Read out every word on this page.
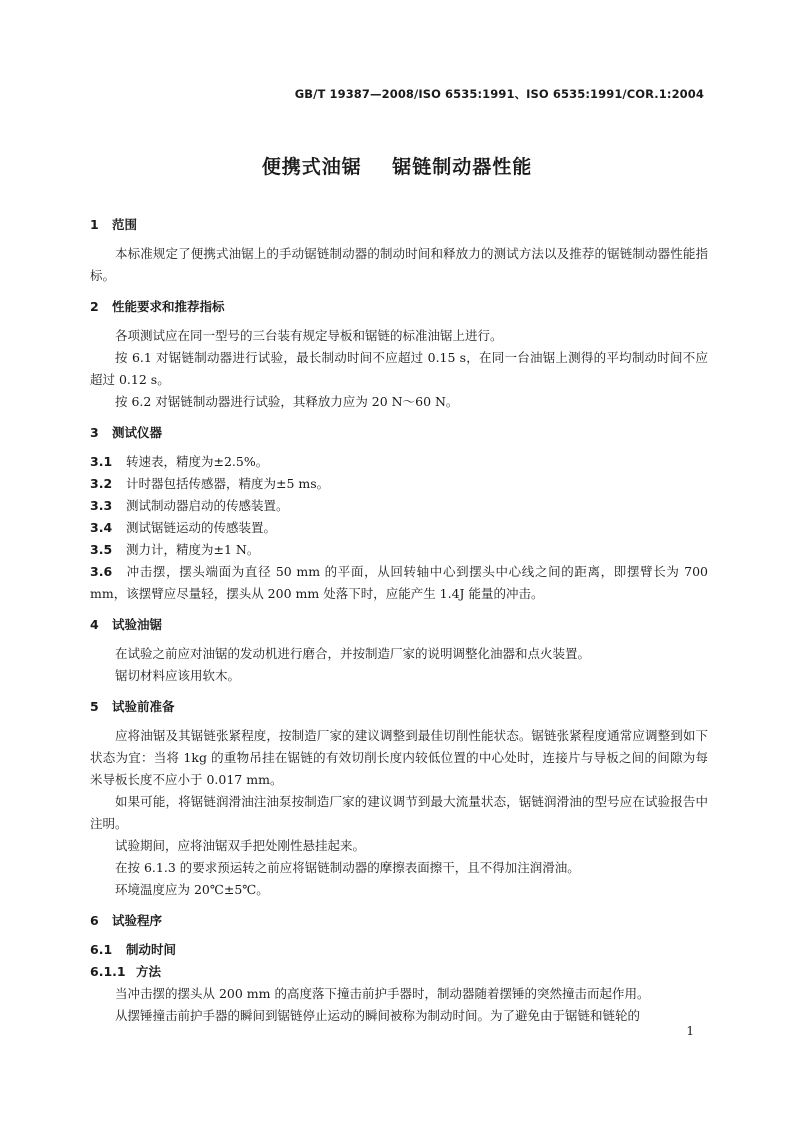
GB/T 19387—2008/ISO 6535:1991、ISO 6535:1991/COR.1:2004
便携式油锯    锯链制动器性能
1 范围

本标准规定了便携式油锯上的手动锯链制动器的制动时间和释放力的测试方法以及推荐的锯链制动器性能指标。

2 性能要求和推荐指标

各项测试应在同一型号的三台装有规定导板和锯链的标准油锯上进行。

按 6.1 对锯链制动器进行试验，最长制动时间不应超过 0.15 s，在同一台油锯上测得的平均制动时间不应超过 0.12 s。

按 6.2 对锯链制动器进行试验，其释放力应为 20 N～60 N。

3 测试仪器

3.1 转速表，精度为±2.5%。

3.2 计时器包括传感器，精度为±5 ms。

3.3 测试制动器启动的传感装置。

3.4 测试锯链运动的传感装置。

3.5 测力计，精度为±1 N。

3.6 冲击摆，摆头端面为直径 50 mm 的平面，从回转轴中心到摆头中心线之间的距离，即摆臂长为 700 mm，该摆臂应尽量轻，摆头从 200 mm 处落下时，应能产生 1.4J 能量的冲击。

4 试验油锯

在试验之前应对油锯的发动机进行磨合，并按制造厂家的说明调整化油器和点火装置。

锯切材料应该用软木。

5 试验前准备

应将油锯及其锯链张紧程度，按制造厂家的建议调整到最佳切削性能状态。锯链张紧程度通常应调整到如下状态为宜：当将 1kg 的重物吊挂在锯链的有效切削长度内较低位置的中心处时，连接片与导板之间的间隙为每米导板长度不应小于 0.017 mm。

如果可能，将锯链润滑油注油泵按制造厂家的建议调节到最大流量状态，锯链润滑油的型号应在试验报告中注明。

试验期间，应将油锯双手把处刚性悬挂起来。

在按 6.1.3 的要求预运转之前应将锯链制动器的摩擦表面擦干，且不得加注润滑油。

环境温度应为 20℃±5℃。

6 试验程序
6.1 制动时间
6.1.1 方法

当冲击摆的摆头从 200 mm 的高度落下撞击前护手器时，制动器随着摆锤的突然撞击而起作用。

从摆锤撞击前护手器的瞬间到锯链停止运动的瞬间被称为制动时间。为了避免由于锯链和链轮的

1
